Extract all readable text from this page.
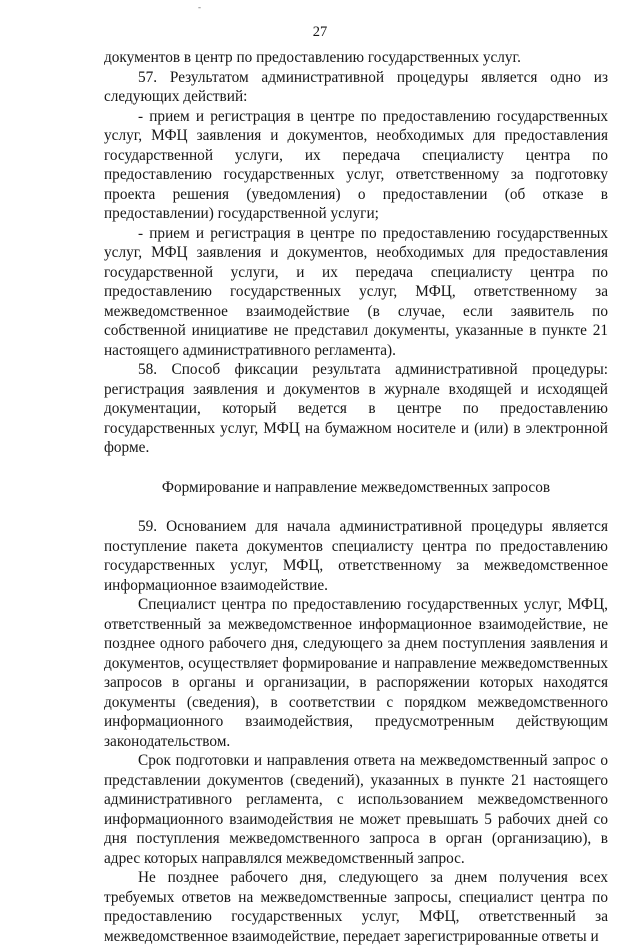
-
27

документов в центр по предоставлению государственных услуг.

57. Результатом административной процедуры является одно из следующих действий:

- прием и регистрация в центре по предоставлению государственных услуг, МФЦ заявления и документов, необходимых для предоставления государственной услуги, их передача специалисту центра по предоставлению государственных услуг, ответственному за подготовку проекта решения (уведомления) о предоставлении (об отказе в предоставлении) государственной услуги;

- прием и регистрация в центре по предоставлению государственных услуг, МФЦ заявления и документов, необходимых для предоставления государственной услуги, и их передача специалисту центра по предоставлению государственных услуг, МФЦ, ответственному за межведомственное взаимодействие (в случае, если заявитель по собственной инициативе не представил документы, указанные в пункте 21 настоящего административного регламента).

58. Способ фиксации результата административной процедуры: регистрация заявления и документов в журнале входящей и исходящей документации, который ведется в центре по предоставлению государственных услуг, МФЦ на бумажном носителе и (или) в электронной форме.

Формирование и направление межведомственных запросов

59. Основанием для начала административной процедуры является поступление пакета документов специалисту центра по предоставлению государственных услуг, МФЦ, ответственному за межведомственное информационное взаимодействие.

Специалист центра по предоставлению государственных услуг, МФЦ, ответственный за межведомственное информационное взаимодействие, не позднее одного рабочего дня, следующего за днем поступления заявления и документов, осуществляет формирование и направление межведомственных запросов в органы и организации, в распоряжении которых находятся документы (сведения), в соответствии с порядком межведомственного информационного взаимодействия, предусмотренным действующим законодательством.

Срок подготовки и направления ответа на межведомственный запрос о представлении документов (сведений), указанных в пункте 21 настоящего административного регламента, с использованием межведомственного информационного взаимодействия не может превышать 5 рабочих дней со дня поступления межведомственного запроса в орган (организацию), в адрес которых направлялся межведомственный запрос.

Не позднее рабочего дня, следующего за днем получения всех требуемых ответов на межведомственные запросы, специалист центра по предоставлению государственных услуг, МФЦ, ответственный за межведомственное взаимодействие, передает зарегистрированные ответы и
